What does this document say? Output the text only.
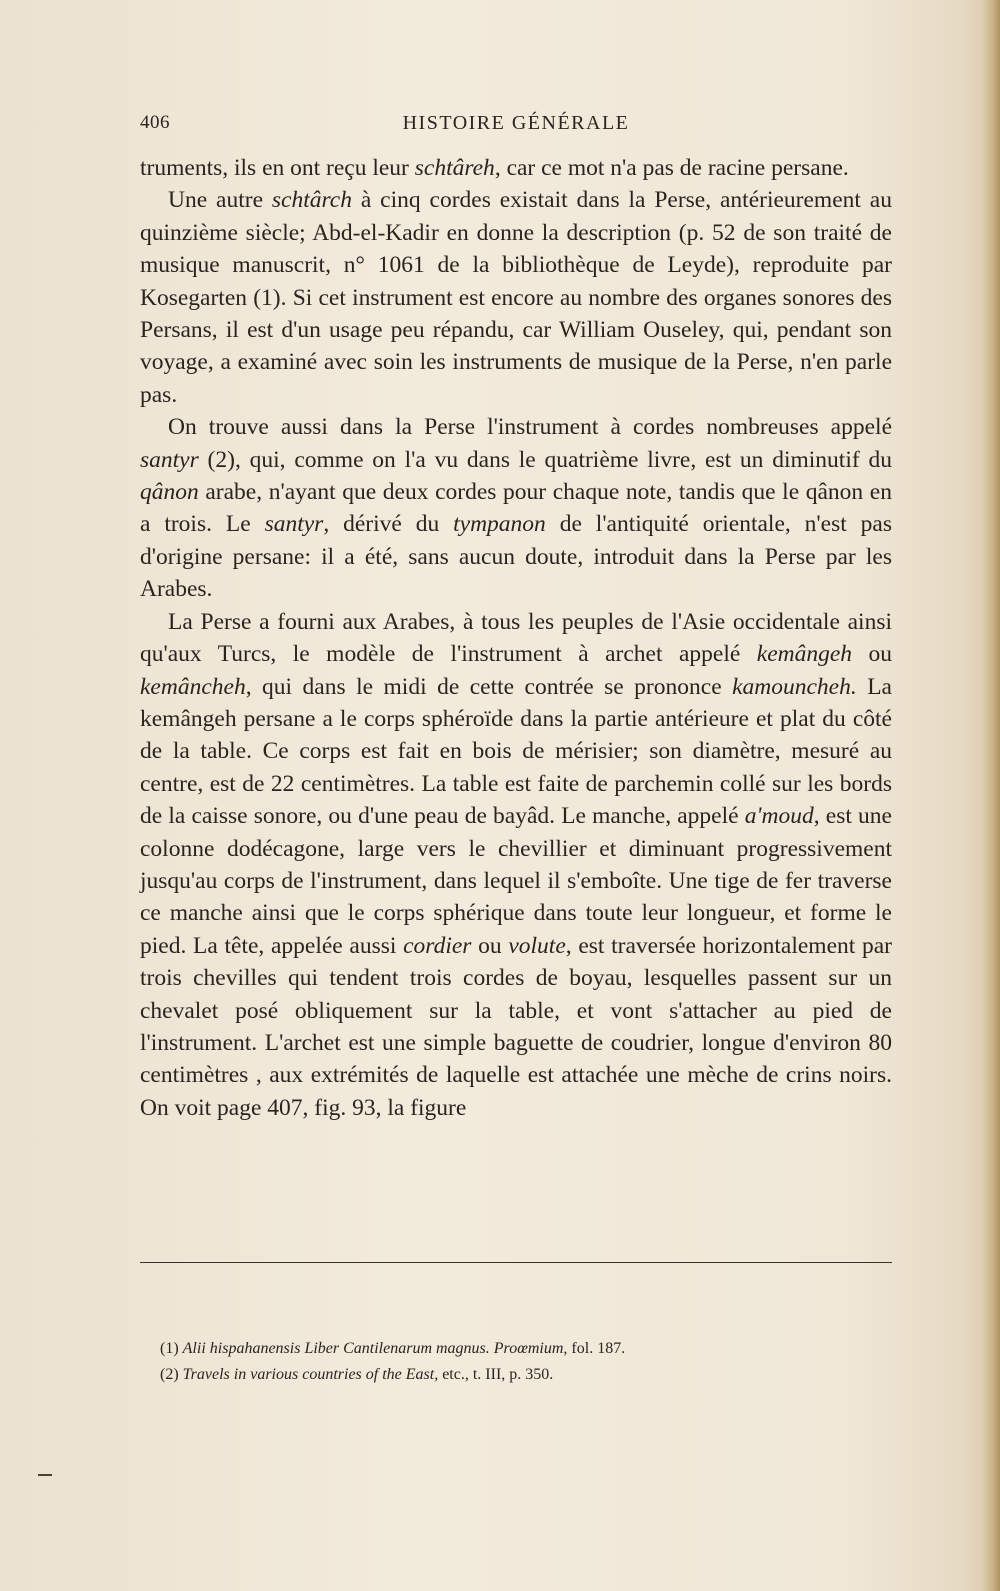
406	HISTOIRE GÉNÉRALE

truments, ils en ont reçu leur schtâreh, car ce mot n'a pas de racine persane.

Une autre schtârch à cinq cordes existait dans la Perse, antérieurement au quinzième siècle; Abd-el-Kadir en donne la description (p. 52 de son traité de musique manuscrit, n° 1061 de la bibliothèque de Leyde), reproduite par Kosegarten (1). Si cet instrument est encore au nombre des organes sonores des Persans, il est d'un usage peu répandu, car William Ouseley, qui, pendant son voyage, a examiné avec soin les instruments de musique de la Perse, n'en parle pas.

On trouve aussi dans la Perse l'instrument à cordes nombreuses appelé santyr (2), qui, comme on l'a vu dans le quatrième livre, est un diminutif du qânon arabe, n'ayant que deux cordes pour chaque note, tandis que le qânon en a trois. Le santyr, dérivé du tympanon de l'antiquité orientale, n'est pas d'origine persane: il a été, sans aucun doute, introduit dans la Perse par les Arabes.

La Perse a fourni aux Arabes, à tous les peuples de l'Asie occidentale ainsi qu'aux Turcs, le modèle de l'instrument à archet appelé kemângeh ou kemâncheh, qui dans le midi de cette contrée se prononce kamouncheh. La kemângeh persane a le corps sphéroïde dans la partie antérieure et plat du côté de la table. Ce corps est fait en bois de mérisier; son diamètre, mesuré au centre, est de 22 centimètres. La table est faite de parchemin collé sur les bords de la caisse sonore, ou d'une peau de bayâd. Le manche, appelé a'moud, est une colonne dodécagone, large vers le chevillier et diminuant progressivement jusqu'au corps de l'instrument, dans lequel il s'emboîte. Une tige de fer traverse ce manche ainsi que le corps sphérique dans toute leur longueur, et forme le pied. La tête, appelée aussi cordier ou volute, est traversée horizontalement par trois chevilles qui tendent trois cordes de boyau, lesquelles passent sur un chevalet posé obliquement sur la table, et vont s'attacher au pied de l'instrument. L'archet est une simple baguette de coudrier, longue d'environ 80 centimètres , aux extrémités de laquelle est attachée une mèche de crins noirs. On voit page 407, fig. 93, la figure

(1) Alii hispahanensis Liber Cantilenarum magnus. Proœmium, fol. 187.
(2) Travels in various countries of the East, etc., t. III, p. 350.
